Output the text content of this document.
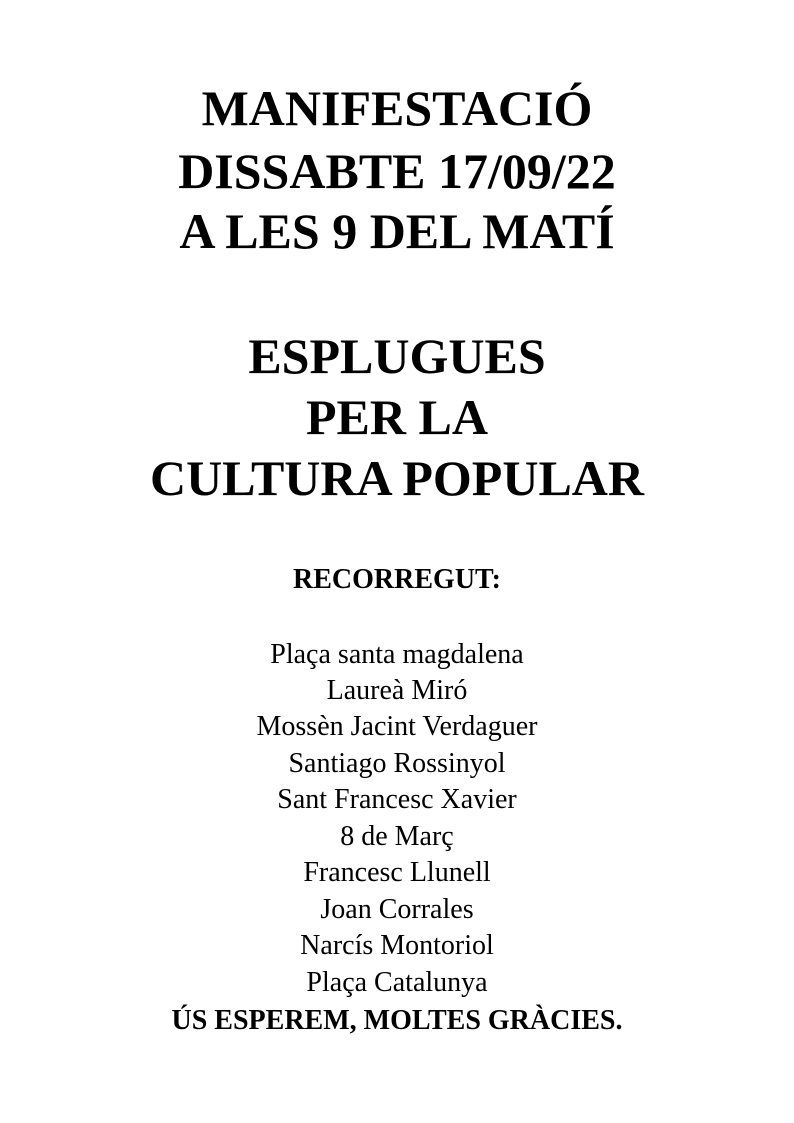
MANIFESTACIÓ
DISSABTE 17/09/22
A LES 9 DEL MATÍ
ESPLUGUES
PER LA
CULTURA POPULAR
RECORREGUT:
Plaça santa magdalena
Laureà Miró
Mossèn Jacint Verdaguer
Santiago Rossinyol
Sant Francesc Xavier
8 de Març
Francesc Llunell
Joan Corrales
Narcís Montoriol
Plaça Catalunya
ÚS ESPEREM, MOLTES GRÀCIES.
